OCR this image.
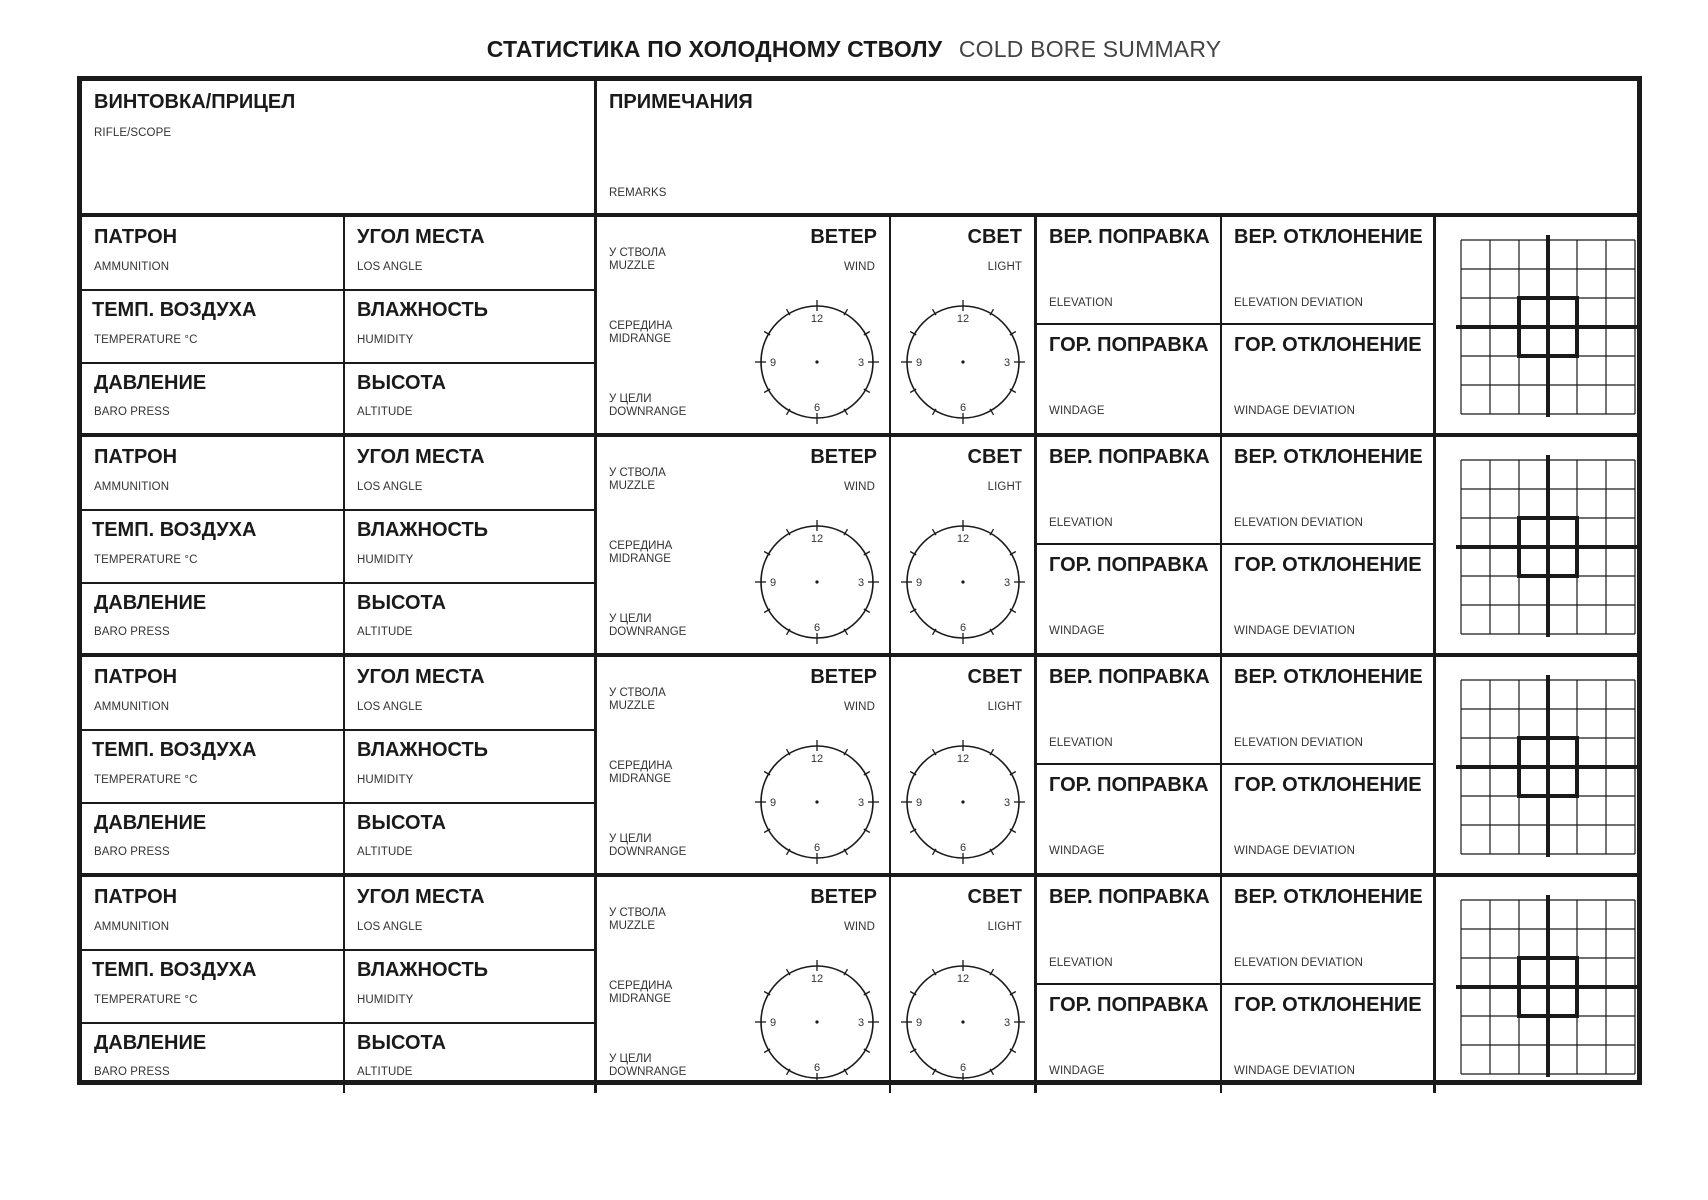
СТАТИСТИКА ПО ХОЛОДНОМУ СТВОЛУ COLD BORE SUMMARY
ВИНТОВКА/ПРИЦЕЛ
RIFLE/SCOPE
ПРИМЕЧАНИЯ
REMARKS
ПАТРОН
AMMUNITION
УГОЛ МЕСТА
LOS ANGLE
ТЕМП. ВОЗДУХА
TEMPERATURE °C
ВЛАЖНОСТЬ
HUMIDITY
ДАВЛЕНИЕ
BARO PRESS
ВЫСОТА
ALTITUDE
У СТВОЛА
MUZZLE
СЕРЕДИНА
MIDRANGE
У ЦЕЛИ
DOWNRANGE
ВЕТЕР
WIND
12
3
6
9
СВЕТ
LIGHT
12
3
6
9
ВЕР. ПОПРАВКА
ELEVATION
ГОР. ПОПРАВКА
WINDAGE
ВЕР. ОТКЛОНЕНИЕ
ELEVATION DEVIATION
ГОР. ОТКЛОНЕНИЕ
WINDAGE DEVIATION
ПАТРОН
AMMUNITION
УГОЛ МЕСТА
LOS ANGLE
ТЕМП. ВОЗДУХА
TEMPERATURE °C
ВЛАЖНОСТЬ
HUMIDITY
ДАВЛЕНИЕ
BARO PRESS
ВЫСОТА
ALTITUDE
У СТВОЛА
MUZZLE
СЕРЕДИНА
MIDRANGE
У ЦЕЛИ
DOWNRANGE
ВЕТЕР
WIND
12
3
6
9
СВЕТ
LIGHT
12
3
6
9
ВЕР. ПОПРАВКА
ELEVATION
ГОР. ПОПРАВКА
WINDAGE
ВЕР. ОТКЛОНЕНИЕ
ELEVATION DEVIATION
ГОР. ОТКЛОНЕНИЕ
WINDAGE DEVIATION
ПАТРОН
AMMUNITION
УГОЛ МЕСТА
LOS ANGLE
ТЕМП. ВОЗДУХА
TEMPERATURE °C
ВЛАЖНОСТЬ
HUMIDITY
ДАВЛЕНИЕ
BARO PRESS
ВЫСОТА
ALTITUDE
У СТВОЛА
MUZZLE
СЕРЕДИНА
MIDRANGE
У ЦЕЛИ
DOWNRANGE
ВЕТЕР
WIND
12
3
6
9
СВЕТ
LIGHT
12
3
6
9
ВЕР. ПОПРАВКА
ELEVATION
ГОР. ПОПРАВКА
WINDAGE
ВЕР. ОТКЛОНЕНИЕ
ELEVATION DEVIATION
ГОР. ОТКЛОНЕНИЕ
WINDAGE DEVIATION
ПАТРОН
AMMUNITION
УГОЛ МЕСТА
LOS ANGLE
ТЕМП. ВОЗДУХА
TEMPERATURE °C
ВЛАЖНОСТЬ
HUMIDITY
ДАВЛЕНИЕ
BARO PRESS
ВЫСОТА
ALTITUDE
У СТВОЛА
MUZZLE
СЕРЕДИНА
MIDRANGE
У ЦЕЛИ
DOWNRANGE
ВЕТЕР
WIND
12
3
6
9
СВЕТ
LIGHT
12
3
6
9
ВЕР. ПОПРАВКА
ELEVATION
ГОР. ПОПРАВКА
WINDAGE
ВЕР. ОТКЛОНЕНИЕ
ELEVATION DEVIATION
ГОР. ОТКЛОНЕНИЕ
WINDAGE DEVIATION
